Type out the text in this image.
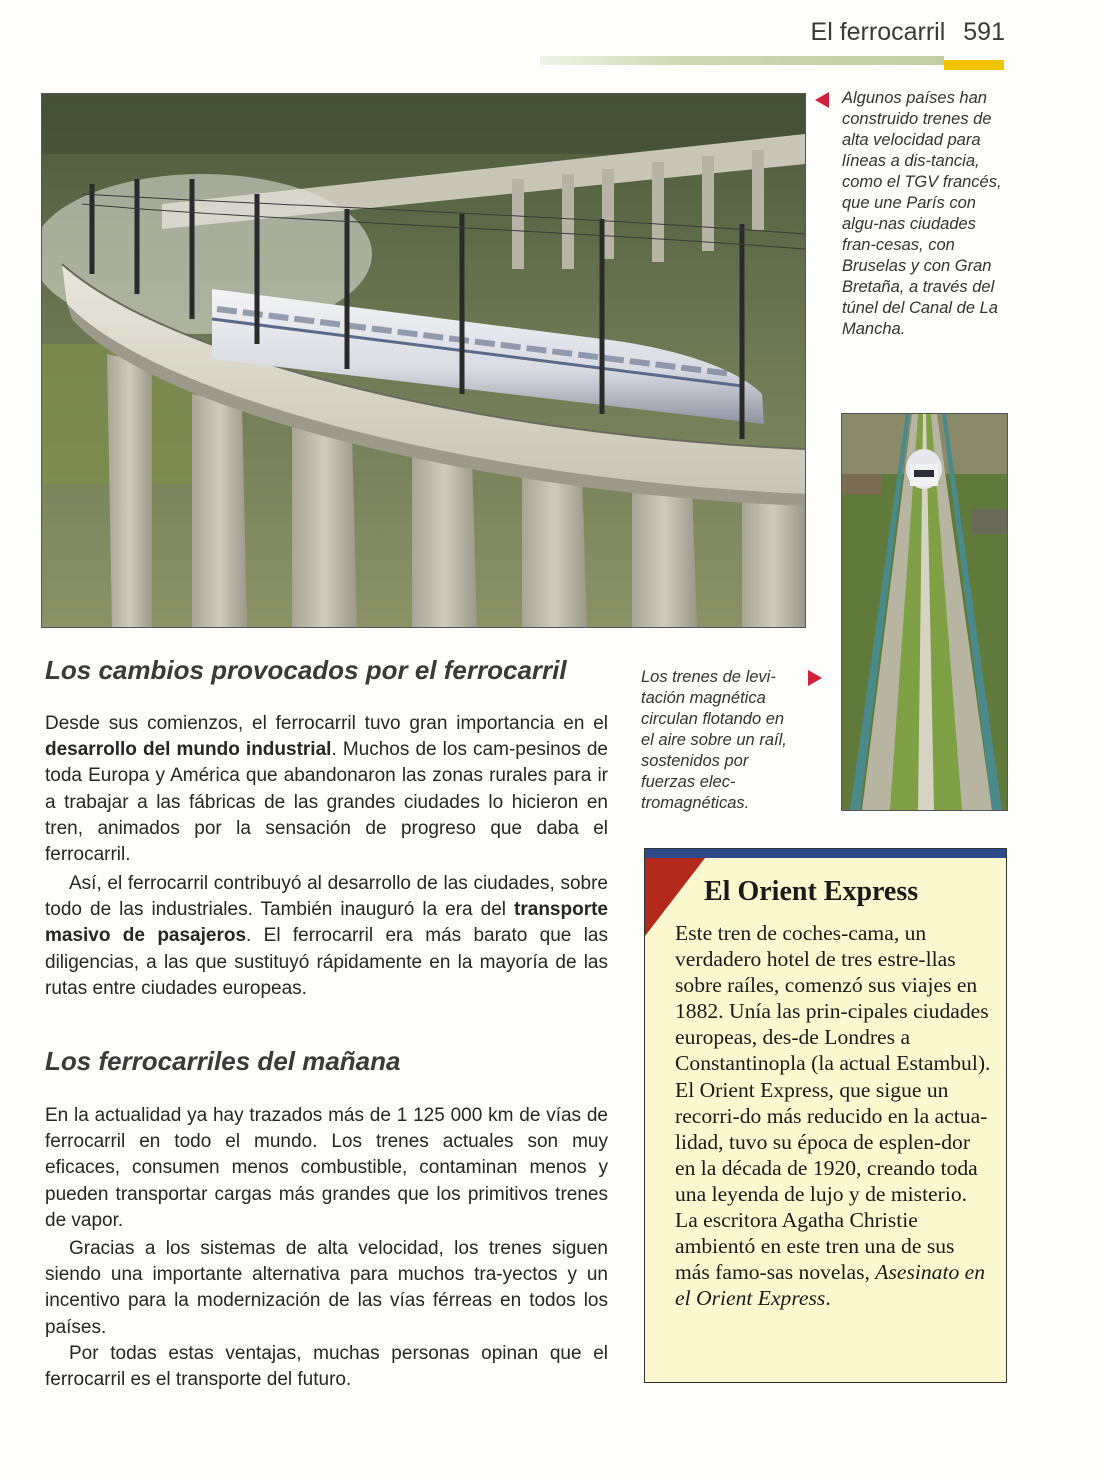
El ferrocarril 591
Algunos países han construido trenes de alta velocidad para líneas a dis-tancia, como el TGV francés, que une París con algu-nas ciudades fran-cesas, con Bruselas y con Gran Bretaña, a través del túnel del Canal de La Mancha.
Los trenes de levi-tación magnética circulan flotando en el aire sobre un raíl, sostenidos por fuerzas elec-tromagnéticas.
Los cambios provocados por el ferrocarril

Desde sus comienzos, el ferrocarril tuvo gran importancia en el desarrollo del mundo industrial. Muchos de los cam-pesinos de toda Europa y América que abandonaron las zonas rurales para ir a trabajar a las fábricas de las grandes ciudades lo hicieron en tren, animados por la sensación de progreso que daba el ferrocarril.

Así, el ferrocarril contribuyó al desarrollo de las ciudades, sobre todo de las industriales. También inauguró la era del transporte masivo de pasajeros. El ferrocarril era más barato que las diligencias, a las que sustituyó rápidamente en la mayoría de las rutas entre ciudades europeas.

Los ferrocarriles del mañana

En la actualidad ya hay trazados más de 1 125 000 km de vías de ferrocarril en todo el mundo. Los trenes actuales son muy eficaces, consumen menos combustible, contaminan menos y pueden transportar cargas más grandes que los primitivos trenes de vapor.

Gracias a los sistemas de alta velocidad, los trenes siguen siendo una importante alternativa para muchos tra-yectos y un incentivo para la modernización de las vías férreas en todos los países.

Por todas estas ventajas, muchas personas opinan que el ferrocarril es el transporte del futuro.

El Orient Express

Este tren de coches-cama, un verdadero hotel de tres estre-llas sobre raíles, comenzó sus viajes en 1882. Unía las prin-cipales ciudades europeas, des-de Londres a Constantinopla (la actual Estambul). El Orient Express, que sigue un recorri-do más reducido en la actua-lidad, tuvo su época de esplen-dor en la década de 1920, creando toda una leyenda de lujo y de misterio. La escritora Agatha Christie ambientó en este tren una de sus más famo-sas novelas, Asesinato en el Orient Express.
